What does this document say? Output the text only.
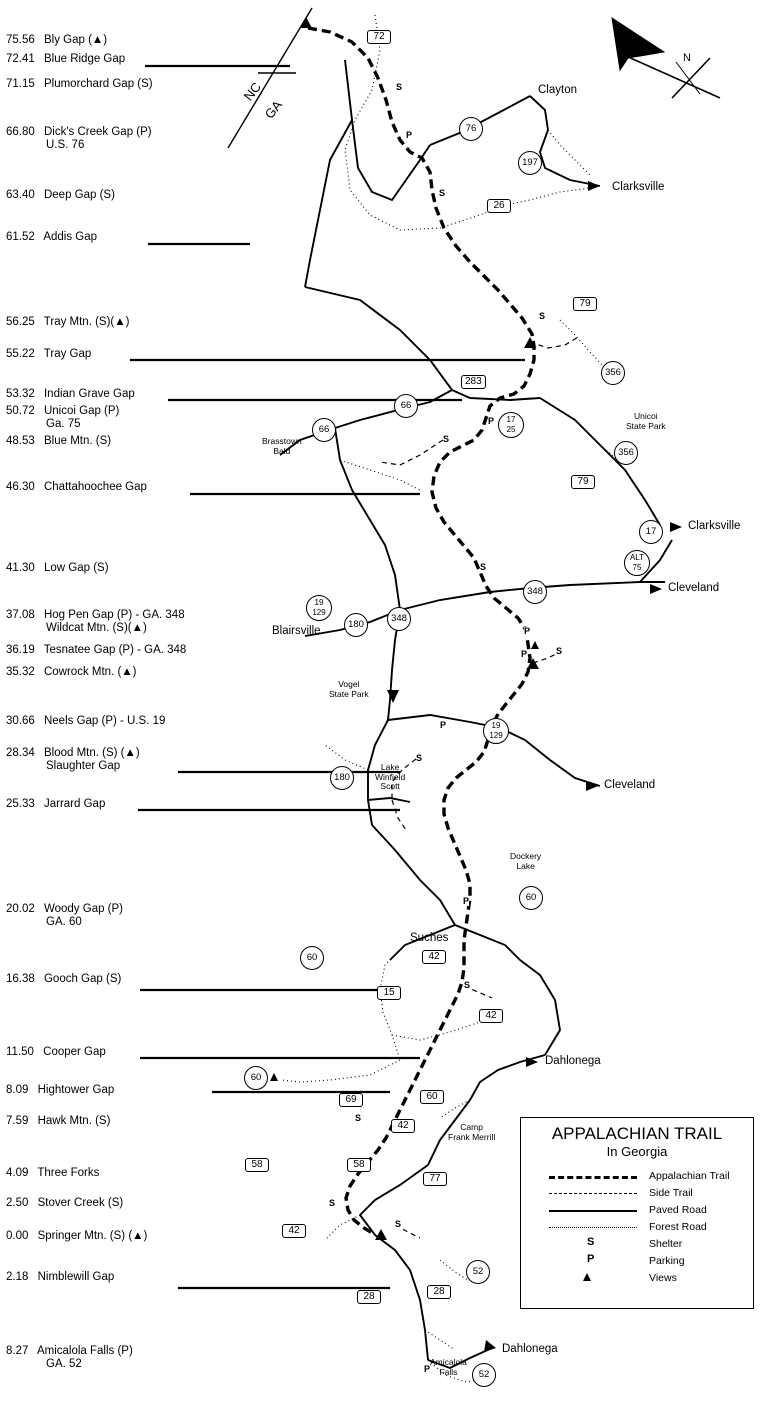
75.56 Bly Gap (▲)
72.41 Blue Ridge Gap
71.15 Plumorchard Gap (S)
66.80 Dick's Creek Gap (P)
U.S. 76
63.40 Deep Gap (S)
61.52 Addis Gap
56.25 Tray Mtn. (S)(▲)
55.22 Tray Gap
53.32 Indian Grave Gap
50.72 Unicoi Gap (P)
Ga. 75
48.53 Blue Mtn. (S)
46.30 Chattahoochee Gap
41.30 Low Gap (S)
37.08 Hog Pen Gap (P) - GA. 348
Wildcat Mtn. (S)(▲)
36.19 Tesnatee Gap (P) - GA. 348
35.32 Cowrock Mtn. (▲)
30.66 Neels Gap (P) - U.S. 19
28.34 Blood Mtn. (S) (▲)
Slaughter Gap
25.33 Jarrard Gap
20.02 Woody Gap (P)
GA. 60
16.38 Gooch Gap (S)
11.50 Cooper Gap
8.09 Hightower Gap
7.59 Hawk Mtn. (S)
4.09 Three Forks
2.50 Stover Creek (S)
0.00 Springer Mtn. (S) (▲)
2.18 Nimblewill Gap
8.27 Amicalola Falls (P)
GA. 52
Clayton
Clarksville
Clarksville
Cleveland
Cleveland
Blairsville
Dahlonega
Dahlonega
Suches
Unicoi
State Park
Vogel
State Park
Brasstown
Bald
Lake
Winfield
Scott
Dockery
Lake
Camp
Frank Merrill
Amicalola
Falls
NC
GA
72
26
76
197
79
356
283
66
66
17
25
356
79
17
ALT
75
348
19
129
180
348
19
129
180
60
60	42
15
42
60
69	60
42
58	58
77
42
52
28	28
52
S
P
S
S
S
P
S
P
P	S
P
S
P
S
S
S
S
P
N
APPALACHIAN TRAIL
In Georgia
Appalachian Trail
Side Trail
Paved Road
Forest Road
S	Shelter
P	Parking
Views
